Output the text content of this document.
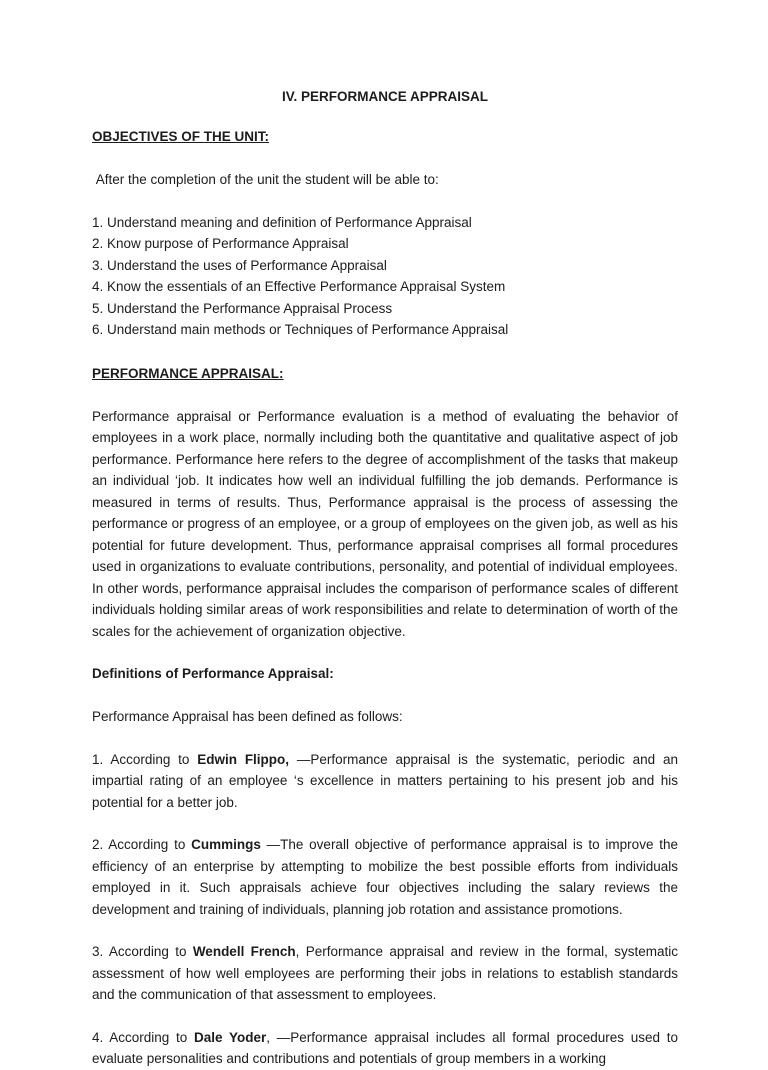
IV. PERFORMANCE APPRAISAL
OBJECTIVES OF THE UNIT:

After the completion of the unit the student will be able to:

1. Understand meaning and definition of Performance Appraisal
2. Know purpose of Performance Appraisal
3. Understand the uses of Performance Appraisal
4. Know the essentials of an Effective Performance Appraisal System
5. Understand the Performance Appraisal Process
6. Understand main methods or Techniques of Performance Appraisal
PERFORMANCE APPRAISAL:

Performance appraisal or Performance evaluation is a method of evaluating the behavior of employees in a work place, normally including both the quantitative and qualitative aspect of job performance. Performance here refers to the degree of accomplishment of the tasks that makeup an individual ‘job. It indicates how well an individual fulfilling the job demands. Performance is measured in terms of results. Thus, Performance appraisal is the process of assessing the performance or progress of an employee, or a group of employees on the given job, as well as his potential for future development. Thus, performance appraisal comprises all formal procedures used in organizations to evaluate contributions, personality, and potential of individual employees. In other words, performance appraisal includes the comparison of performance scales of different individuals holding similar areas of work responsibilities and relate to determination of worth of the scales for the achievement of organization objective.

Definitions of Performance Appraisal:

Performance Appraisal has been defined as follows:

1. According to Edwin Flippo, —Performance appraisal is the systematic, periodic and an impartial rating of an employee ‘s excellence in matters pertaining to his present job and his potential for a better job.

2. According to Cummings —The overall objective of performance appraisal is to improve the efficiency of an enterprise by attempting to mobilize the best possible efforts from individuals employed in it. Such appraisals achieve four objectives including the salary reviews the development and training of individuals, planning job rotation and assistance promotions.

3. According to Wendell French, Performance appraisal and review in the formal, systematic assessment of how well employees are performing their jobs in relations to establish standards and the communication of that assessment to employees.

4. According to Dale Yoder, —Performance appraisal includes all formal procedures used to evaluate personalities and contributions and potentials of group members in a working
